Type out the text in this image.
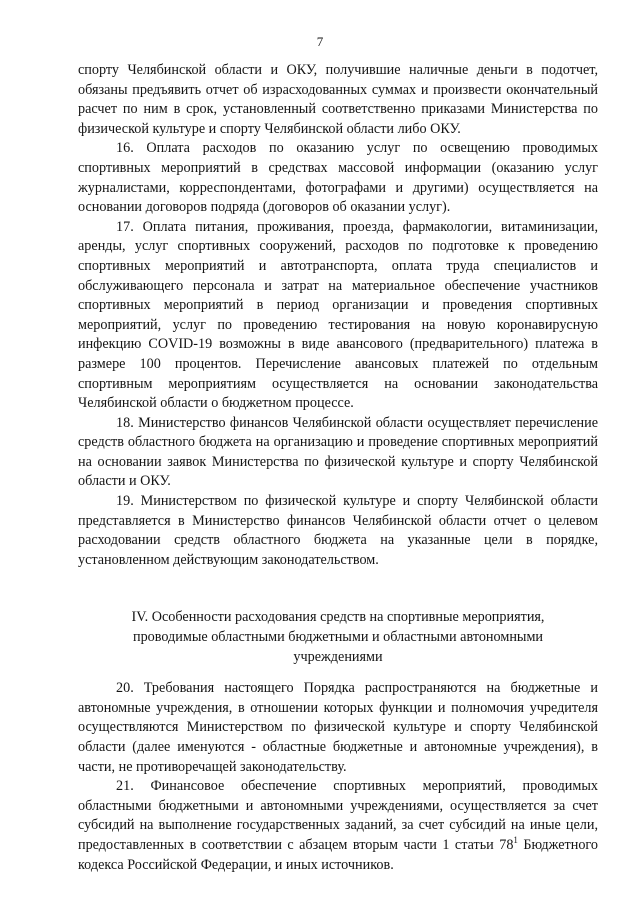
7

спорту Челябинской области и ОКУ, получившие наличные деньги в подотчет, обязаны предъявить отчет об израсходованных суммах и произвести окончательный расчет по ним в срок, установленный соответственно приказами Министерства по физической культуре и спорту Челябинской области либо ОКУ.

16. Оплата расходов по оказанию услуг по освещению проводимых спортивных мероприятий в средствах массовой информации (оказанию услуг журналистами, корреспондентами, фотографами и другими) осуществляется на основании договоров подряда (договоров об оказании услуг).

17. Оплата питания, проживания, проезда, фармакологии, витаминизации, аренды, услуг спортивных сооружений, расходов по подготовке к проведению спортивных мероприятий и автотранспорта, оплата труда специалистов и обслуживающего персонала и затрат на материальное обеспечение участников спортивных мероприятий в период организации и проведения спортивных мероприятий, услуг по проведению тестирования на новую коронавирусную инфекцию COVID-19 возможны в виде авансового (предварительного) платежа в размере 100 процентов. Перечисление авансовых платежей по отдельным спортивным мероприятиям осуществляется на основании законодательства Челябинской области о бюджетном процессе.

18. Министерство финансов Челябинской области осуществляет перечисление средств областного бюджета на организацию и проведение спортивных мероприятий на основании заявок Министерства по физической культуре и спорту Челябинской области и ОКУ.

19. Министерством по физической культуре и спорту Челябинской области представляется в Министерство финансов Челябинской области отчет о целевом расходовании средств областного бюджета на указанные цели в порядке, установленном действующим законодательством.

IV. Особенности расходования средств на спортивные мероприятия, проводимые областными бюджетными и областными автономными учреждениями

20. Требования настоящего Порядка распространяются на бюджетные и автономные учреждения, в отношении которых функции и полномочия учредителя осуществляются Министерством по физической культуре и спорту Челябинской области (далее именуются - областные бюджетные и автономные учреждения), в части, не противоречащей законодательству.

21. Финансовое обеспечение спортивных мероприятий, проводимых областными бюджетными и автономными учреждениями, осуществляется за счет субсидий на выполнение государственных заданий, за счет субсидий на иные цели, предоставленных в соответствии с абзацем вторым части 1 статьи $78^1$ Бюджетного кодекса Российской Федерации, и иных источников.
